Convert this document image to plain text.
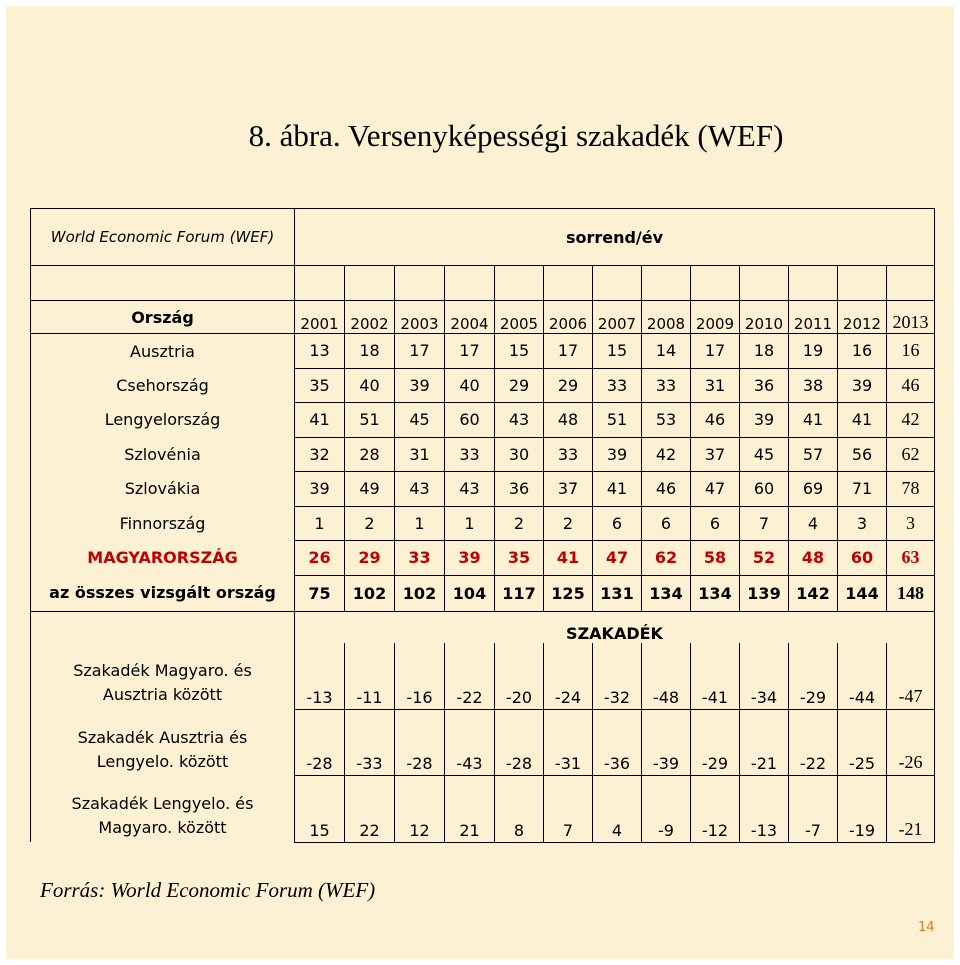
8. ábra. Versenyképességi szakadék (WEF)
World Economic Forum (WEF)	sorrend/év												

Ország	2001	2002	2003	2004	2005	2006	2007	2008	2009	2010	2011	2012	2013
Ausztria	13	18	17	17	15	17	15	14	17	18	19	16	16
Csehország	35	40	39	40	29	29	33	33	31	36	38	39	46
Lengyelország	41	51	45	60	43	48	51	53	46	39	41	41	42
Szlovénia	32	28	31	33	30	33	39	42	37	45	57	56	62
Szlovákia	39	49	43	43	36	37	41	46	47	60	69	71	78
Finnország	1	2	1	1	2	2	6	6	6	7	4	3	3
MAGYARORSZÁG	26	29	33	39	35	41	47	62	58	52	48	60	63
az összes vizsgált ország	75	102	102	104	117	125	131	134	134	139	142	144	148
	SZAKADÉK												

Szakadék Magyaro. és
Ausztria között	-13	-11	-16	-22	-20	-24	-32	-48	-41	-34	-29	-44	-47

Szakadék Ausztria és
Lengyelo. között	-28	-33	-28	-43	-28	-31	-36	-39	-29	-21	-22	-25	-26

Szakadék Lengyelo. és
Magyaro. között	15	22	12	21	8	7	4	-9	-12	-13	-7	-19	-21
Forrás: World Economic Forum (WEF)
14
